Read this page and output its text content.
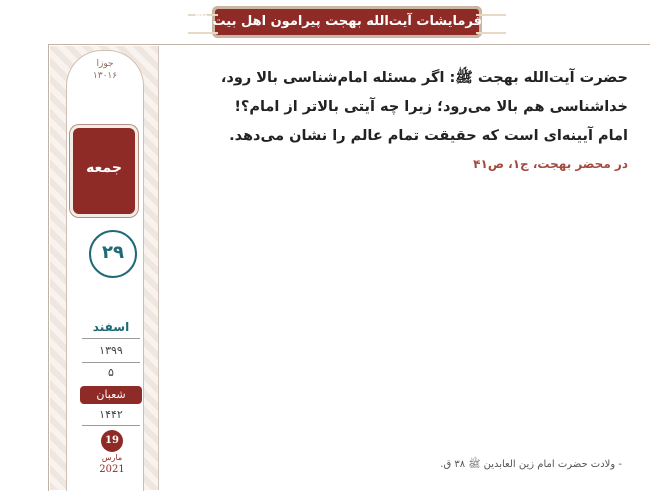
فرمایشات آیت‌الله بهجت پیرامون اهل بیت ﷺ
جوزا
۱۳۰۱۶
جمعه
۲۹
اسفند
۱۳۹۹
۵
شعبان
۱۴۴۲
19
مارس
2021

حضرت آیت‌الله بهجت ﷺ: اگر مسئله امام‌شناسی بالا رود،
خداشناسی هم بالا می‌رود؛ زیرا چه آیتی بالاتر از امام؟!
امام آیینه‌ای است که حقیقت تمام عالم را نشان می‌دهد.

در محضر بهجت، ج۱، ص۴۱
- ولادت حضرت امام زین العابدین ﷺ ۳۸ ق.
